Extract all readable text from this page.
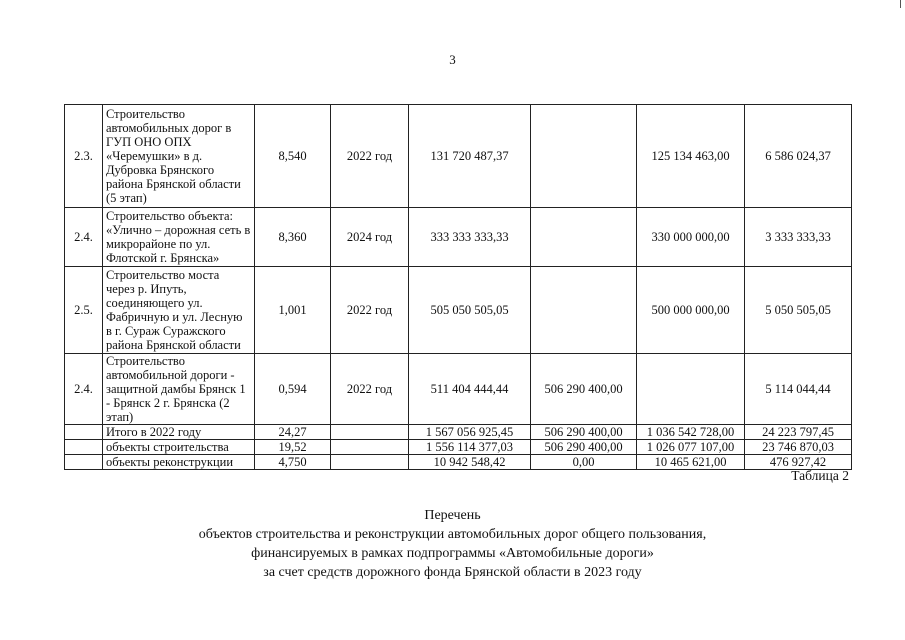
3
2.3.	Строительство автомобильных дорог в ГУП ОНО ОПХ «Черемушки» в д. Дубровка Брянского района Брянской области (5 этап)	8,540	2022 год	131 720 487,37		125 134 463,00	6 586 024,37
2.4.	Строительство объекта: «Улично – дорожная сеть в микрорайоне по ул. Флотской г. Брянска»	8,360	2024 год	333 333 333,33		330 000 000,00	3 333 333,33
2.5.	Строительство моста через р. Ипуть, соединяющего ул. Фабричную и ул. Лесную в г. Сураж Суражского района Брянской области	1,001	2022 год	505 050 505,05		500 000 000,00	5 050 505,05
2.4.	Строительство автомобильной дороги - защитной дамбы Брянск 1 - Брянск 2 г. Брянска (2 этап)	0,594	2022 год	511 404 444,44	506 290 400,00		5 114 044,44
	Итого в 2022 году	24,27		1 567 056 925,45	506 290 400,00	1 036 542 728,00	24 223 797,45
	объекты строительства	19,52		1 556 114 377,03	506 290 400,00	1 026 077 107,00	23 746 870,03
	объекты реконструкции	4,750		10 942 548,42	0,00	10 465 621,00	476 927,42
Таблица 2
Перечень
объектов строительства и реконструкции автомобильных дорог общего пользования,
финансируемых в рамках подпрограммы «Автомобильные дороги»
за счет средств дорожного фонда Брянской области в 2023 году
